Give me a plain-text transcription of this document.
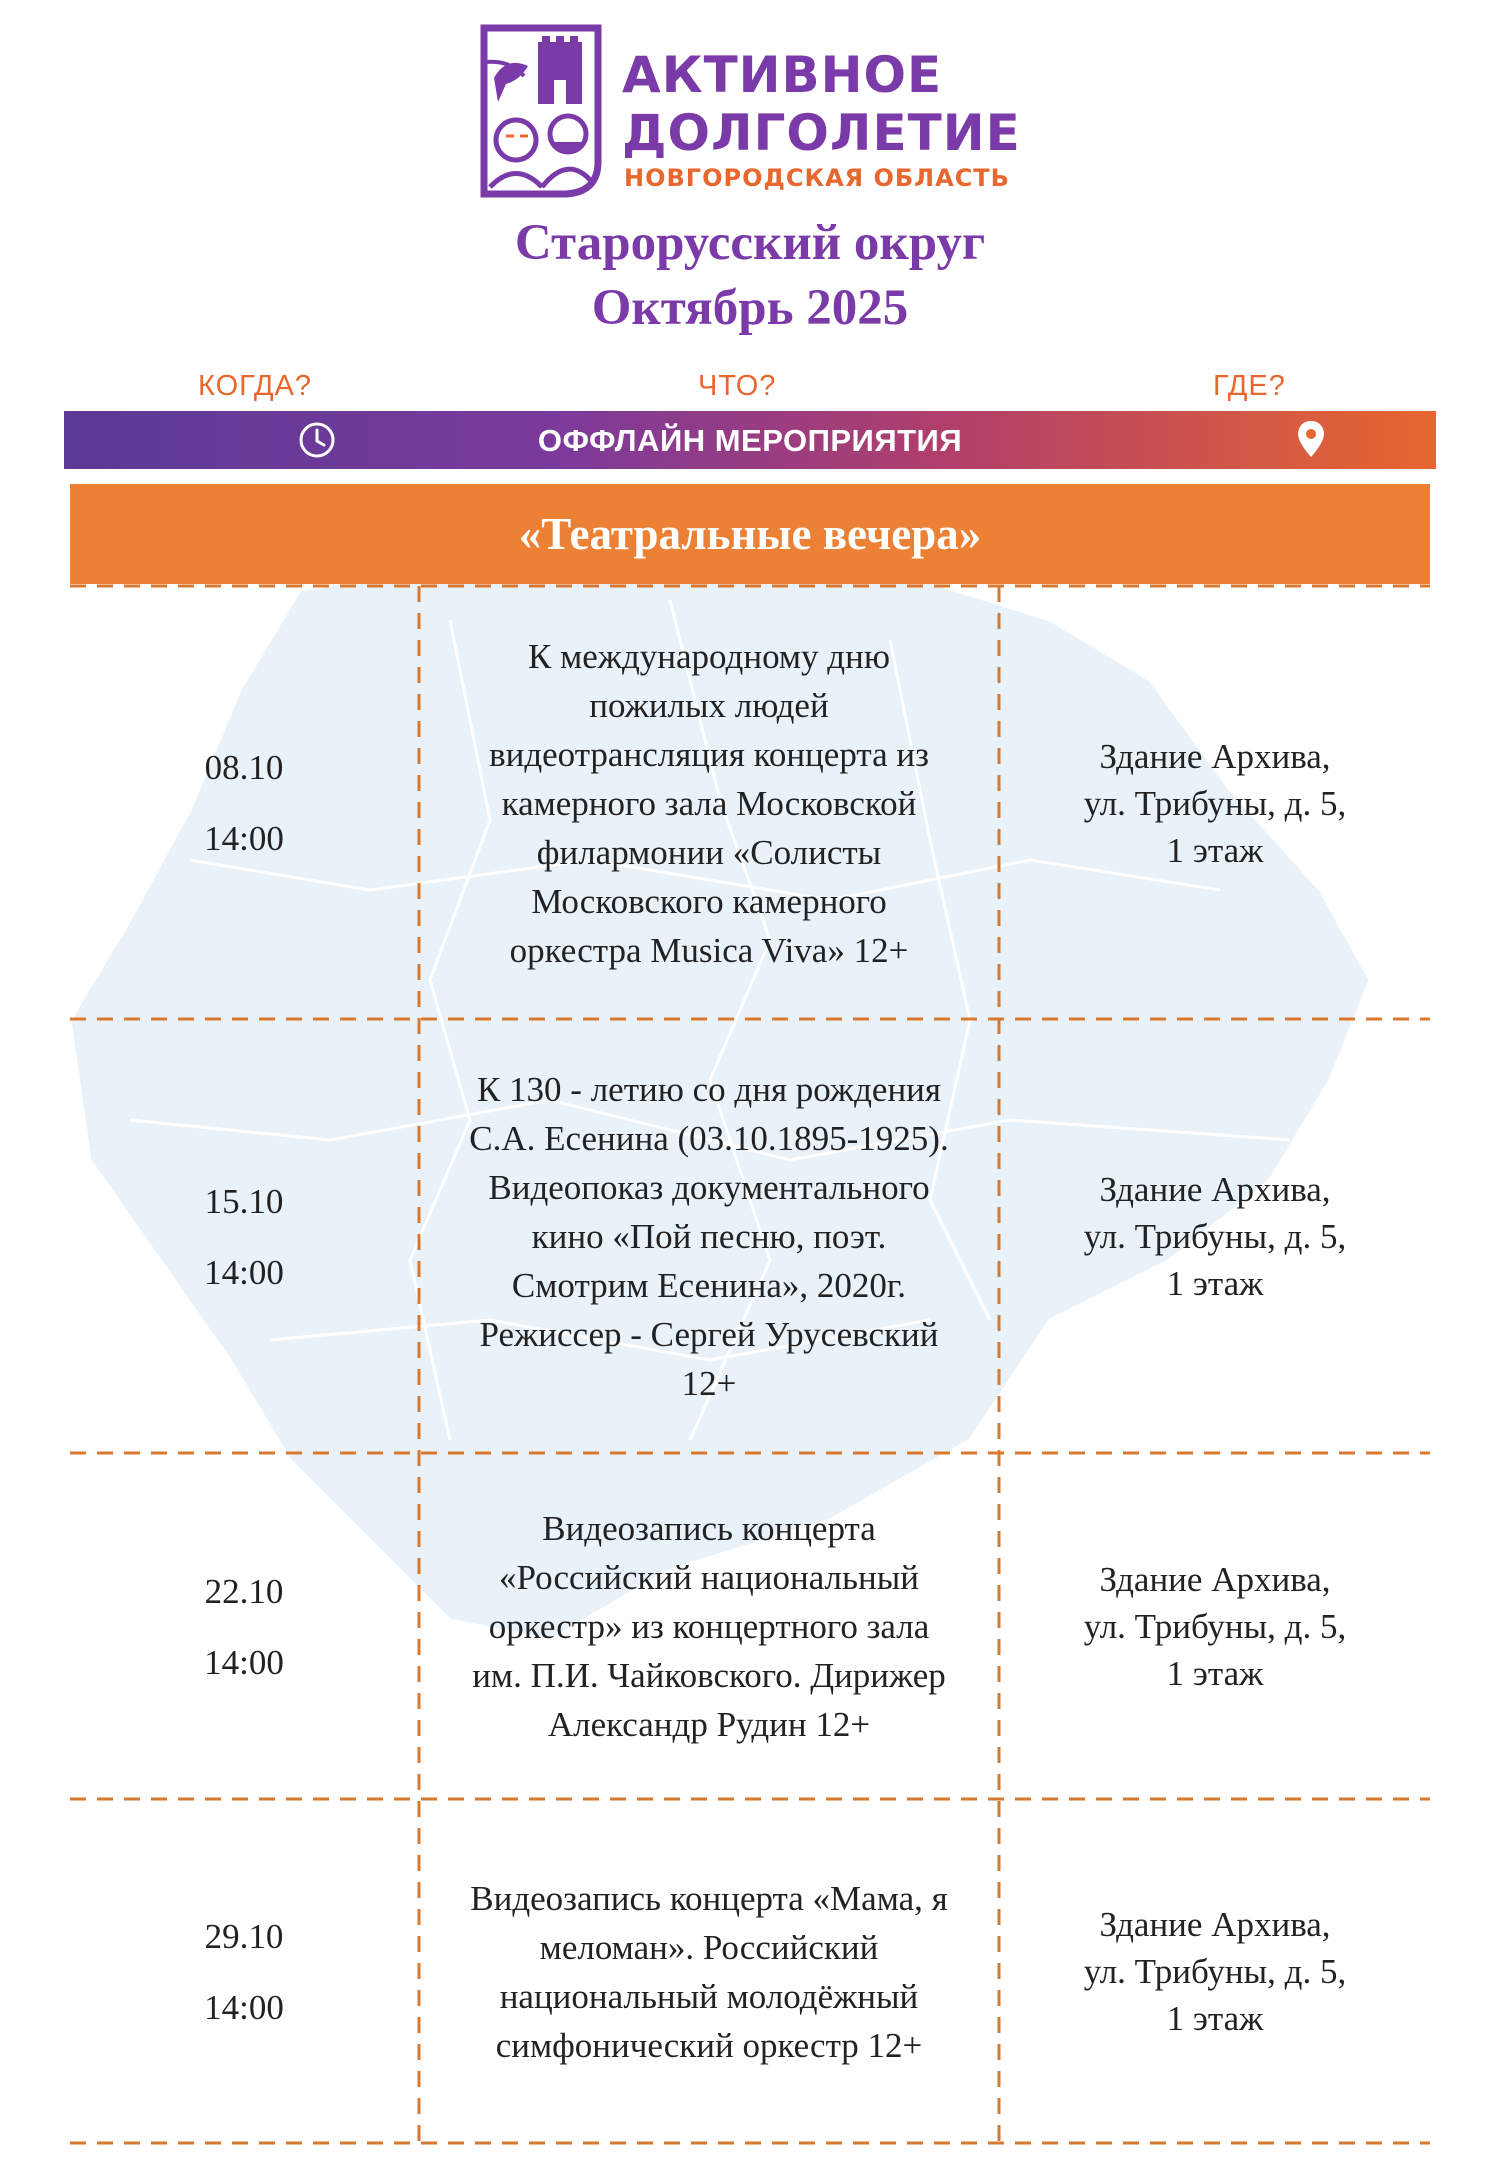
АКТИВНОЕ
ДОЛГОЛЕТИЕ
НОВГОРОДСКАЯ ОБЛАСТЬ
Старорусский округ
Октябрь 2025
КОГДА?	ЧТО?	ГДЕ?
ОФФЛАЙН МЕРОПРИЯТИЯ
«Театральные вечера»
08.10
14:00
К международному дню
пожилых людей
видеотрансляция концерта из
камерного зала Московской
филармонии «Солисты
Московского камерного
оркестра Musica Viva» 12+
Здание Архива,
ул. Трибуны, д. 5,
1 этаж
15.10
14:00
К 130 - летию со дня рождения
С.А. Есенина (03.10.1895-1925).
Видеопоказ документального
кино «Пой песню, поэт.
Смотрим Есенина», 2020г.
Режиссер - Сергей Урусевский
12+
Здание Архива,
ул. Трибуны, д. 5,
1 этаж
22.10
14:00
Видеозапись концерта
«Российский национальный
оркестр» из концертного зала
им. П.И. Чайковского. Дирижер
Александр Рудин 12+
Здание Архива,
ул. Трибуны, д. 5,
1 этаж
29.10
14:00
Видеозапись концерта «Мама, я
меломан». Российский
национальный молодёжный
симфонический оркестр 12+
Здание Архива,
ул. Трибуны, д. 5,
1 этаж
